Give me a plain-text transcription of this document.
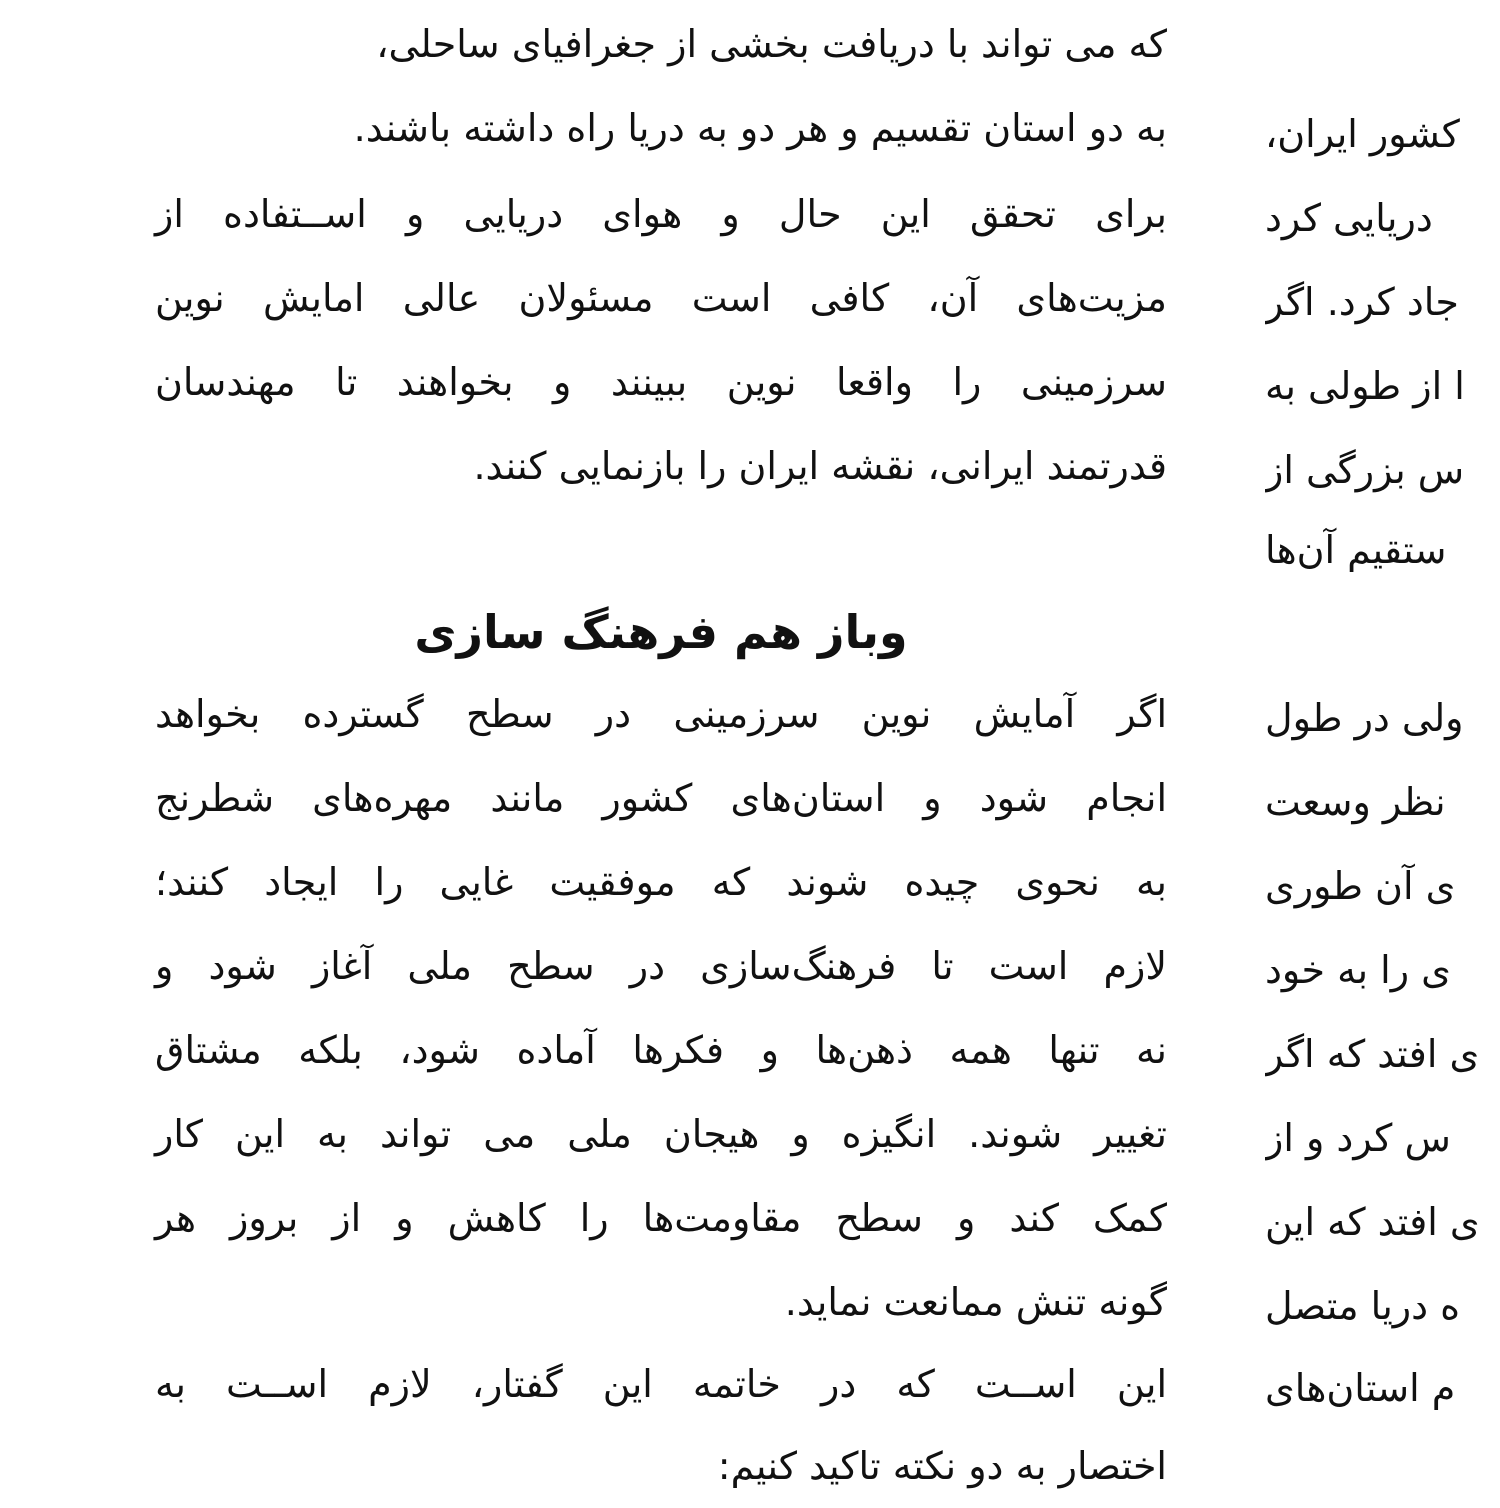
که می تواند با دریافت بخشی از جغرافیای ساحلی،
به دو استان تقسیم و هر دو به دریا راه داشته باشند.
برای تحقق این حال و هوای دریایی و اســتفاده از
مزیت‌های آن، کافی است مسئولان عالی امایش نوین
سرزمینی را واقعا نوین ببینند و بخواهند تا مهندسان
قدرتمند ایرانی، نقشه ایران را بازنمایی کنند.
وباز هم فرهنگ سازی
اگر آمایش نوین سرزمینی در سطح گسترده بخواهد
انجام شود و استان‌های کشور مانند مهره‌های شطرنج
به نحوی چیده شوند که موفقیت غایی را ایجاد کنند؛
لازم است تا فرهنگ‌سازی در سطح ملی آغاز شود و
نه تنها همه ذهن‌ها و فکرها آماده شود، بلکه مشتاق
تغییر شوند. انگیزه و هیجان ملی می تواند به این کار
کمک کند و سطح مقاومت‌ها را کاهش و از بروز هر
گونه تنش ممانعت نماید.
این اســت که در خاتمه این گفتار، لازم اســت به
اختصار به دو نکته تاکید کنیم:
کشور ایران،
دریایی کرد
جاد کرد. اگر
ا از طولی به
س بزرگی از
ستقیم آن‌ها
ولی در طول
نظر وسعت
ی آن طوری
ی را به خود
ی افتد که اگر
س کرد و از
ی افتد که این
ه دریا متصل
م استان‌های
